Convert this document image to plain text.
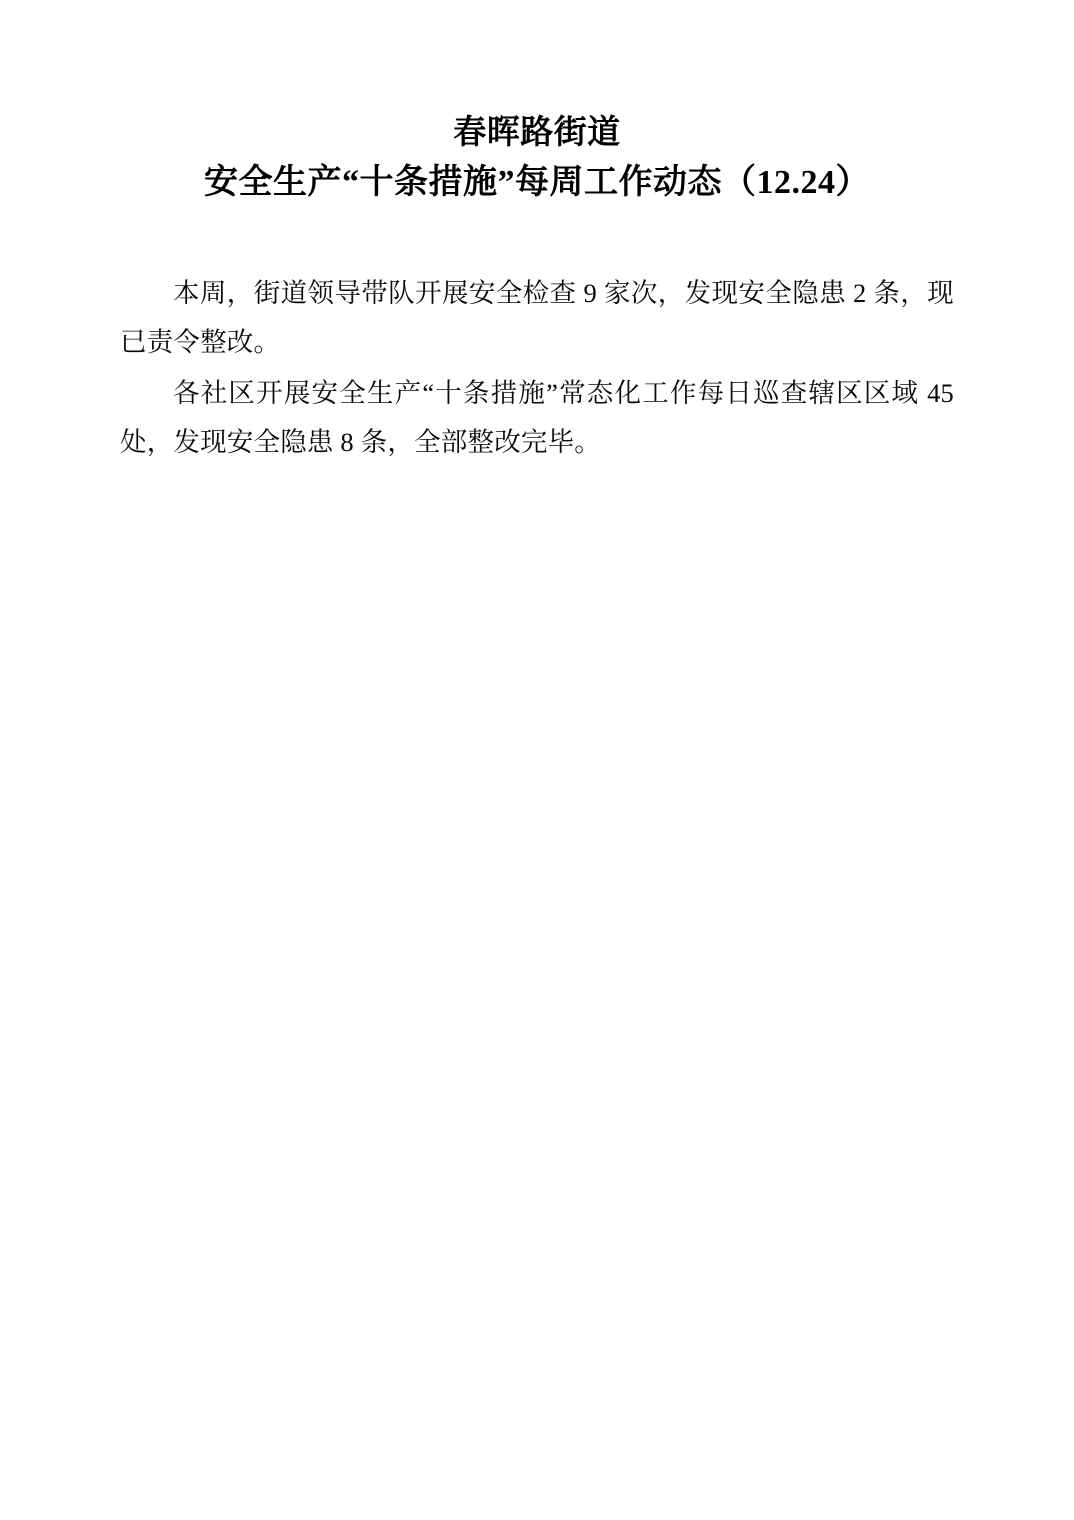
春晖路街道
安全生产“十条措施”每周工作动态（12.24）

本周，街道领导带队开展安全检查 9 家次，发现安全隐患 2 条，现已责令整改。

各社区开展安全生产“十条措施”常态化工作每日巡查辖区区域 45 处，发现安全隐患 8 条，全部整改完毕。
